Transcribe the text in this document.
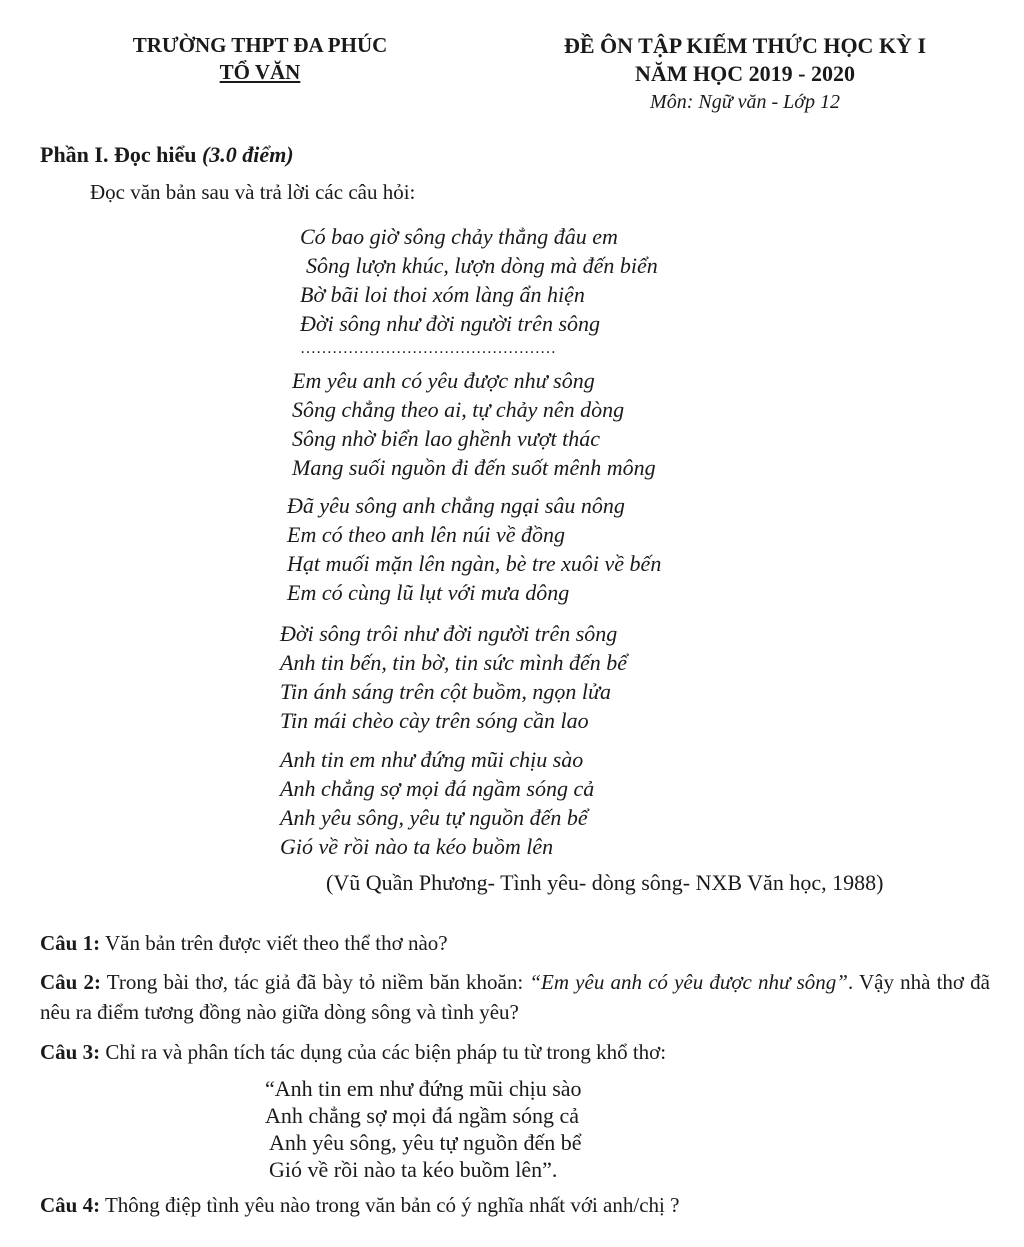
TRƯỜNG THPT ĐA PHÚC
TỔ VĂN
ĐỀ ÔN TẬP KIẾM THỨC HỌC KỲ I
NĂM HỌC 2019 - 2020
Môn: Ngữ văn - Lớp 12
Phần I. Đọc hiểu (3.0 điểm)
Đọc văn bản sau và trả lời các câu hỏi:
Có bao giờ sông chảy thẳng đâu em
Sông lượn khúc, lượn dòng mà đến biển
Bờ bãi loi thoi xóm làng ẩn hiện
Đời sông như đời người trên sông
…………………………………………
Em yêu anh có yêu được như sông
Sông chẳng theo ai, tự chảy nên dòng
Sông nhờ biển lao ghềnh vượt thác
Mang suối nguồn đi đến suốt mênh mông
Đã yêu sông anh chẳng ngại sâu nông
Em có theo anh lên núi về đồng
Hạt muối mặn lên ngàn, bè tre xuôi về bến
Em có cùng lũ lụt với mưa dông
Đời sông trôi như đời người trên sông
Anh tin bến, tin bờ, tin sức mình đến bể
Tin ánh sáng trên cột buồm, ngọn lửa
Tin mái chèo cày trên sóng cần lao
Anh tin em như đứng mũi chịu sào
Anh chẳng sợ mọi đá ngầm sóng cả
Anh yêu sông, yêu tự nguồn đến bể
Gió về rồi nào ta kéo buồm lên
(Vũ Quần Phương- Tình yêu- dòng sông- NXB Văn học, 1988)
Câu 1: Văn bản trên được viết theo thể thơ nào?
Câu 2: Trong bài thơ, tác giả đã bày tỏ niềm băn khoăn: “Em yêu anh có yêu được như sông”. Vậy nhà thơ đã nêu ra điểm tương đồng nào giữa dòng sông và tình yêu?
Câu 3: Chỉ ra và phân tích tác dụng của các biện pháp tu từ trong khổ thơ:
“Anh tin em như đứng mũi chịu sào
Anh chẳng sợ mọi đá ngầm sóng cả
Anh yêu sông, yêu tự nguồn đến bể
Gió về rồi nào ta kéo buồm lên”.
Câu 4: Thông điệp tình yêu nào trong văn bản có ý nghĩa nhất với anh/chị ?
